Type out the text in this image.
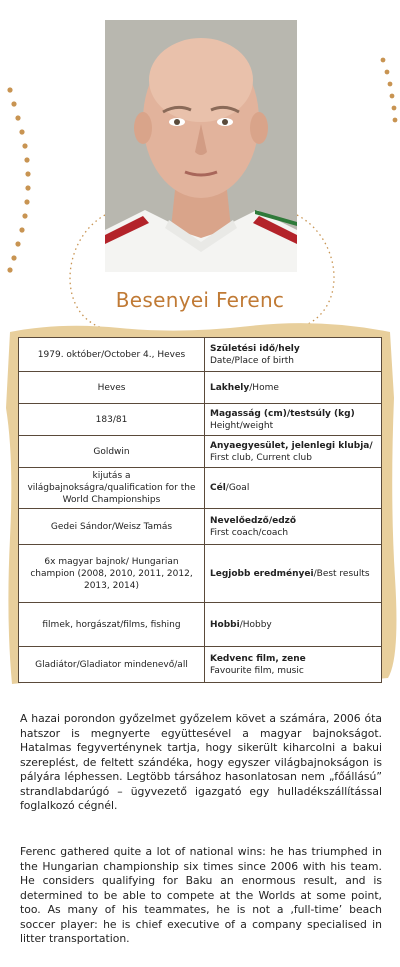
Besenyei Ferenc
1979. október/October 4., Heves	Születési idő/hely
Date/Place of birth
Heves	Lakhely/Home
183/81	Magasság (cm)/testsúly (kg)
Height/weight
Goldwin	Anyaegyesület, jelenlegi klubja/
First club, Current club
kijutás a világbajnokságra/qualification for the World Championships	Cél/Goal
Gedei Sándor/Weisz Tamás	Nevelőedző/edző
First coach/coach
6x magyar bajnok/ Hungarian champion (2008, 2010, 2011, 2012, 2013, 2014)	Legjobb eredményei/Best results
filmek, horgászat/films, fishing	Hobbi/Hobby
Gladiátor/Gladiator mindenevő/all	Kedvenc film, zene
Favourite film, music
A hazai porondon győzelmet győzelem követ a számára, 2006 óta hatszor is megnyerte együttesével a magyar bajnokságot. Hatalmas fegyverténynek tartja, hogy sikerült kiharcolni a bakui szereplést, de feltett szándéka, hogy egyszer világbajnokságon is pályára léphessen. Legtöbb társához hasonlatosan nem „főállású” strandlabdarúgó – ügyvezető igazgató egy hulladékszállítással foglalkozó cégnél.
Ferenc gathered quite a lot of national wins: he has triumphed in the Hungarian championship six times since 2006 with his team. He considers qualifying for Baku an enormous result, and is determined to be able to compete at the Worlds at some point, too. As many of his teammates, he is not a ‚full-time’ beach soccer player: he is chief executive of a company specialised in litter transportation.
